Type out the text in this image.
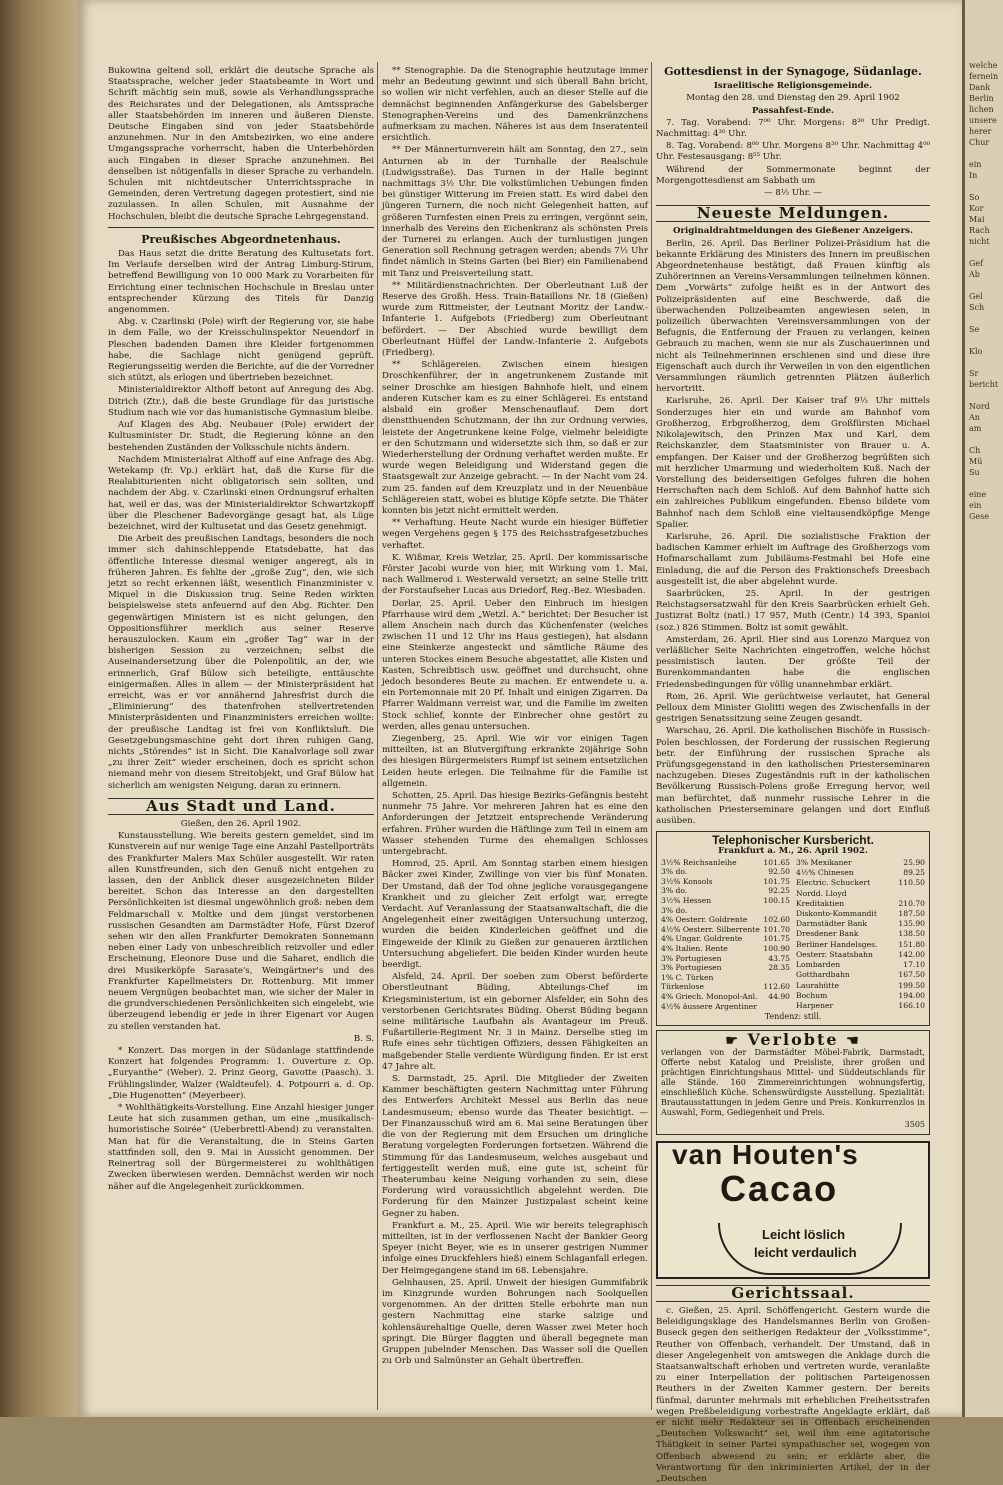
Bukowina geltend soll, erklärt die deutsche Sprache als Staatssprache, welcher jeder Staatsbeamte in Wort und Schrift mächtig sein muß, sowie als Verhandlungssprache des Reichsrates und der Delegationen, als Amtssprache aller Staatsbehörden im inneren und äußeren Dienste. Deutsche Eingaben sind von jeder Staatsbehörde anzunehmen. Nur in den Amtsbezirken, wo eine andere Umgangssprache vorherrscht, haben die Unterbehörden auch Eingaben in dieser Sprache anzunehmen. Bei denselben ist nötigenfalls in dieser Sprache zu verhandeln. Schulen mit nichtdeutscher Unterrichtssprache in Gemeinden, deren Vertretung dagegen protestiert, sind nie zuzulassen. In allen Schulen, mit Ausnahme der Hochschulen, bleibt die deutsche Sprache Lehrgegenstand.

Preußisches Abgeordnetenhaus.

Das Haus setzt die dritte Beratung des Kultusetats fort. Im Verlaufe derselben wird der Antrag Limburg-Stirum, betreffend Bewilligung von 10 000 Mark zu Vorarbeiten für Errichtung einer technischen Hochschule in Breslau unter entsprechender Kürzung des Titels für Danzig angenommen.

Abg. v. Czarlinski (Pole) wirft der Regierung vor, sie habe in dem Falle, wo der Kreisschulinspektor Neuendorf in Pleschen badenden Damen ihre Kleider fortgenommen habe, die Sachlage nicht genügend geprüft. Regierungsseitig werden die Berichte, auf die der Vorredner sich stützt, als erlogen und übertrieben bezeichnet.

Ministerialdirektor Althoff betont auf Anregung des Abg. Ditrich (Ztr.), daß die beste Grundlage für das juristische Studium nach wie vor das humanistische Gymnasium bleibe.

Auf Klagen des Abg. Neubauer (Pole) erwidert der Kultusminister Dr. Studt, die Regierung könne an den bestehenden Zuständen der Volksschule nichts ändern.

Nachdem Ministerialrat Althoff auf eine Anfrage des Abg. Wetekamp (fr. Vp.) erklärt hat, daß die Kurse für die Realabiturienten nicht obligatorisch sein sollten, und nachdem der Abg. v. Czarlinski einen Ordnungsruf erhalten hat, weil er das, was der Ministerialdirektor Schwartzkopff über die Pleschener Badevorgänge gesagt hat, als Lüge bezeichnet, wird der Kultusetat und das Gesetz genehmigt.

Die Arbeit des preußischen Landtags, besonders die noch immer sich dahinschleppende Etatsdebatte, hat das öffentliche Interesse diesmal weniger angeregt, als in früheren Jahren. Es fehlte der „große Zug“, den, wie sich jetzt so recht erkennen läßt, wesentlich Finanzminister v. Miquel in die Diskussion trug. Seine Reden wirkten beispielsweise stets anfeuernd auf den Abg. Richter. Den gegenwärtigen Ministern ist es nicht gelungen, den Oppositionsführer merklich aus seiner Reserve herauszulocken. Kaum ein „großer Tag“ war in der bisherigen Session zu verzeichnen; selbst die Auseinandersetzung über die Polenpolitik, an der, wie erinnerlich, Graf Bülow sich beteiligte, enttäuschte einigermaßen. Alles in allem — der Ministerpräsident hat erreicht, was er vor annähernd Jahresfrist durch die „Eliminierung“ des thatenfrohen stellvertretenden Ministerpräsidenten und Finanzministers erreichen wollte: der preußische Landtag ist frei von Konfliktsluft. Die Gesetzgebungsmaschine geht dort ihren ruhigen Gang, nichts „Störendes“ ist in Sicht. Die Kanalvorlage soll zwar „zu ihrer Zeit“ wieder erscheinen, doch es spricht schon niemand mehr von diesem Streitobjekt, und Graf Bülow hat sicherlich am wenigsten Neigung, daran zu erinnern.

Aus Stadt und Land.

Gießen, den 26. April 1902.

Kunstausstellung. Wie bereits gestern gemeldet, sind im Kunstverein auf nur wenige Tage eine Anzahl Pastellporträts des Frankfurter Malers Max Schüler ausgestellt. Wir raten allen Kunstfreunden, sich den Genuß nicht entgehen zu lassen, den der Anblick dieser ausgezeichneten Bilder bereitet. Schon das Interesse an den dargestellten Persönlichkeiten ist diesmal ungewöhnlich groß: neben dem Feldmarschall v. Moltke und dem jüngst verstorbenen russischen Gesandten am Darmstädter Hofe, Fürst Dzerof sehen wir den allen Frankfurter Demokraten Sonnemann neben einer Lady von unbeschreiblich reizvoller und edler Erscheinung, Eleonore Duse und die Saharet, endlich die drei Musikerköpfe Sarasate's, Weingärtner's und des Frankfurter Kapellmeisters Dr. Rottenburg. Mit immer neuem Vergnügen beobachtet man, wie sicher der Maler in die grundverschiedenen Persönlichkeiten sich eingelebt, wie überzeugend lebendig er jede in ihrer Eigenart vor Augen zu stellen verstanden hat.

B. S.

* Konzert. Das morgen in der Südanlage stattfindende Konzert hat folgendes Programm: 1. Ouverture z. Op. „Euryanthe“ (Weber). 2. Prinz Georg, Gavotte (Paasch). 3. Frühlingslinder, Walzer (Waldteufel). 4. Potpourri a. d. Op. „Die Hugenotten“ (Meyerbeer).

* Wohlthätigkeits-Vorstellung. Eine Anzahl hiesiger junger Leute hat sich zusammen gethan, um eine „musikalisch-humoristische Soirée“ (Ueberbrettl-Abend) zu veranstalten. Man hat für die Veranstaltung, die in Steins Garten stattfinden soll, den 9. Mai in Aussicht genommen. Der Reinertrag soll der Bürgermeisterei zu wohlthätigen Zwecken überwiesen werden. Demnächst werden wir noch näher auf die Angelegenheit zurückkommen.

** Stenographie. Da die Stenographie heutzutage immer mehr an Bedeutung gewinnt und sich überall Bahn bricht, so wollen wir nicht verfehlen, auch an dieser Stelle auf die demnächst beginnenden Anfängerkurse des Gabelsberger Stenographen-Vereins und des Damenkränzchens aufmerksam zu machen. Näheres ist aus dem Inseratenteil ersichtlich.

** Der Männerturnverein hält am Sonntag, den 27., sein Anturnen ab in der Turnhalle der Realschule (Ludwigsstraße). Das Turnen in der Halle beginnt nachmittags 3½ Uhr. Die volkstümlichen Uebungen finden bei günstiger Witterung im Freien statt. Es wird dabei den jüngeren Turnern, die noch nicht Gelegenheit hatten, auf größeren Turnfesten einen Preis zu erringen, vergönnt sein, innerhalb des Vereins den Eichenkranz als schönsten Preis der Turnerei zu erlangen. Auch der turnlustigen jungen Generation soll Rechnung getragen werden; abends 7½ Uhr findet nämlich in Steins Garten (bei Bier) ein Familienabend mit Tanz und Preisverteilung statt.

** Militärdienstnachrichten. Der Oberleutnant Luß der Reserve des Großh. Hess. Train-Bataillons Nr. 18 (Gießen) wurde zum Rittmeister, der Leutnant Moritz der Landw.-Infanterie 1. Aufgebots (Friedberg) zum Oberleutnant befördert. — Der Abschied wurde bewilligt dem Oberleutnant Hüffel der Landw.-Infanterie 2. Aufgebots (Friedberg).

** Schlägereien. Zwischen einem hiesigen Droschkenführer, der in angetrunkenem Zustande mit seiner Droschke am hiesigen Bahnhofe hielt, und einem anderen Kutscher kam es zu einer Schlägerei. Es entstand alsbald ein großer Menschenauflauf. Dem dort dienstthuenden Schutzmann, der ihn zur Ordnung verwies, leistete der Angetrunkene keine Folge, vielmehr beleidigte er den Schutzmann und widersetzte sich ihm, so daß er zur Wiederherstellung der Ordnung verhaftet werden mußte. Er wurde wegen Beleidigung und Widerstand gegen die Staatsgewalt zur Anzeige gebracht. — In der Nacht vom 24. zum 25. fanden auf dem Kreuzplatz und in der Neuenbäue Schlägereien statt, wobei es blutige Köpfe setzte. Die Thäter konnten bis jetzt nicht ermittelt werden.

** Verhaftung. Heute Nacht wurde ein hiesiger Büffetier wegen Vergehens gegen § 175 des Reichsstrafgesetzbuches verhaftet.

K. Wißmar, Kreis Wetzlar, 25. April. Der kommissarische Förster Jacobi wurde von hier, mit Wirkung vom 1. Mai, nach Wallmerod i. Westerwald versetzt; an seine Stelle tritt der Forstaufseher Lucas aus Driedorf, Reg.-Bez. Wiesbaden.

Dorlar, 25. April. Ueber den Einbruch im hiesigen Pfarrhause wird dem „Wetzl. A.“ berichtet: Der Besucher ist allem Anschein nach durch das Küchenfenster (welches zwischen 11 und 12 Uhr ins Haus gestiegen), hat alsdann eine Steinkerze angesteckt und sämtliche Räume des unteren Stockes einem Besuche abgestattet, alle Kisten und Kasten, Schreibtisch usw. geöffnet und durchsucht, ohne jedoch besonderes Beute zu machen. Er entwendete u. a. ein Portemonnaie mit 20 Pf. Inhalt und einigen Zigarren. Da Pfarrer Waldmann verreist war, und die Familie im zweiten Stock schlief, konnte der Einbrecher ohne gestört zu werden, alles genau untersuchen.

Ziegenberg, 25. April. Wie wir vor einigen Tagen mitteilten, ist an Blutvergiftung erkrankte 20jährige Sohn des hiesigen Bürgermeisters Rumpf ist seinem entsetzlichen Leiden heute erlegen. Die Teilnahme für die Familie ist allgemein.

Schotten, 25. April. Das hiesige Bezirks-Gefängnis besteht nunmehr 75 Jahre. Vor mehreren Jahren hat es eine den Anforderungen der Jetztzeit entsprechende Veränderung erfahren. Früher wurden die Häftlinge zum Teil in einem am Wasser stehenden Turme des ehemaligen Schlosses untergebracht.

Homrod, 25. April. Am Sonntag starben einem hiesigen Bäcker zwei Kinder, Zwillinge von vier bis fünf Monaten. Der Umstand, daß der Tod ohne jegliche vorausgegangene Krankheit und zu gleicher Zeit erfolgt war, erregte Verdacht. Auf Veranlassung der Staatsanwaltschaft, die die Angelegenheit einer zweitägigen Untersuchung unterzog, wurden die beiden Kinderleichen geöffnet und die Eingeweide der Klinik zu Gießen zur genaueren ärztlichen Untersuchung abgeliefert. Die beiden Kinder wurden heute beerdigt.

Alsfeld, 24. April. Der soeben zum Oberst beförderte Oberstleutnant Büding, Abteilungs-Chef im Kriegsministerium, ist ein geborner Alsfelder, ein Sohn des verstorbenen Gerichtsrates Büding. Oberst Büding begann seine militärische Laufbahn als Avantageur im Preuß. Fußartillerie-Regiment Nr. 3 in Mainz. Derselbe stieg im Rufe eines sehr tüchtigen Offiziers, dessen Fähigkeiten an maßgebender Stelle verdiente Würdigung finden. Er ist erst 47 Jahre alt.

S. Darmstadt, 25. April. Die Mitglieder der Zweiten Kammer beschäftigten gestern Nachmittag unter Führung des Entwerfers Architekt Messel aus Berlin das neue Landesmuseum; ebenso wurde das Theater besichtigt. — Der Finanzausschuß wird am 6. Mai seine Beratungen über die von der Regierung mit dem Ersuchen um dringliche Beratung vorgelegten Forderungen fortsetzen. Während die Stimmung für das Landesmuseum, welches ausgebaut und fertiggestellt werden muß, eine gute ist, scheint für Theaterumbau keine Neigung vorhanden zu sein, diese Forderung wird voraussichtlich abgelehnt werden. Die Forderung für den Mainzer Justizpalast scheint keine Gegner zu haben.

Frankfurt a. M., 25. April. Wie wir bereits telegraphisch mitteilten, ist in der verflossenen Nacht der Bankier Georg Speyer (nicht Beyer, wie es in unserer gestrigen Nummer infolge eines Druckfehlers hieß) einem Schlaganfall erlegen. Der Heimgegangene stand im 68. Lebensjahre.

Gelnhausen, 25. April. Unweit der hiesigen Gummifabrik im Kinzgrunde wurden Bohrungen nach Soolquellen vorgenommen. An der dritten Stelle erbohrte man nun gestern Nachmittag eine starke salzige und kohlensäurehaltige Quelle, deren Wasser zwei Meter hoch springt. Die Bürger flaggten und überall begegnete man Gruppen jubelnder Menschen. Das Wasser soll die Quellen zu Orb und Salmünster an Gehalt übertreffen.

Gottesdienst in der Synagoge, Südanlage.

Israelitische Religionsgemeinde.

Montag den 28. und Dienstag den 29. April 1902

Passahfest-Ende.

7. Tag. Vorabend: 7⁰⁰ Uhr. Morgens: 8³⁰ Uhr Predigt. Nachmittag: 4³⁰ Uhr.

8. Tag. Vorabend: 8⁰⁰ Uhr. Morgens 8³⁰ Uhr. Nachmittag 4⁰⁰ Uhr. Festesausgang: 8⁵⁵ Uhr.

Während der Sommermonate beginnt der Morgengottesdienst am Sabbath um

— 8½ Uhr. —

Neueste Meldungen.

Originaldrahtmeldungen des Gießener Anzeigers.

Berlin, 26. April. Das Berliner Polizei-Präsidium hat die bekannte Erklärung des Ministers des Innern im preußischen Abgeordnetenhause bestätigt, daß Frauen künftig als Zuhörerinnen an Vereins-Versammlungen teilnehmen können. Dem „Vorwärts“ zufolge heißt es in der Antwort des Polizeipräsidenten auf eine Beschwerde, daß die überwachenden Polizeibeamten angewiesen seien, in polizeilich überwachten Vereinsversammlungen von der Befugnis, die Entfernung der Frauen zu verlangen, keinen Gebrauch zu machen, wenn sie nur als Zuschauerinnen und nicht als Teilnehmerinnen erschienen sind und diese ihre Eigenschaft auch durch ihr Verweilen in von den eigentlichen Versammlungen räumlich getrennten Plätzen äußerlich hervortritt.

Karlsruhe, 26. April. Der Kaiser traf 9½ Uhr mittels Sonderzuges hier ein und wurde am Bahnhof vom Großherzog, Erbgroßherzog, dem Großfürsten Michael Nikolajewitsch, den Prinzen Max und Karl, dem Reichskanzler, dem Staatsminister von Brauer u. A. empfangen. Der Kaiser und der Großherzog begrüßten sich mit herzlicher Umarmung und wiederholtem Kuß. Nach der Vorstellung des beiderseitigen Gefolges fuhren die hohen Herrschaften nach dem Schloß. Auf dem Bahnhof hatte sich ein zahlreiches Publikum eingefunden. Ebenso bildete vom Bahnhof nach dem Schloß eine vieltausendköpfige Menge Spalier.

Karlsruhe, 26. April. Die sozialistische Fraktion der badischen Kammer erhielt im Auftrage des Großherzogs vom Hofmarschallamt zum Jubiläums-Festmahl bei Hofe eine Einladung, die auf die Person des Fraktionschefs Dreesbach ausgestellt ist, die aber abgelehnt wurde.

Saarbrücken, 25. April. In der gestrigen Reichstagsersatzwahl für den Kreis Saarbrücken erhielt Geh. Justizrat Boltz (natl.) 17 957, Muth (Centr.) 14 393, Spanioi (soz.) 826 Stimmen. Boltz ist somit gewählt.

Amsterdam, 26. April. Hier sind aus Lorenzo Marquez von verläßlicher Seite Nachrichten eingetroffen, welche höchst pessimistisch lauten. Der größte Teil der Burenkommandanten habe die englischen Friedensbedingungen für völlig unannehmbar erklärt.

Rom, 26. April. Wie gerüchtweise verlautet, hat General Pelloux dem Minister Giolitti wegen des Zwischenfalls in der gestrigen Senatssitzung seine Zeugen gesandt.

Warschau, 26. April. Die katholischen Bischöfe in Russisch-Polen beschlossen, der Forderung der russischen Regierung betr. der Einführung der russischen Sprache als Prüfungsgegenstand in den katholischen Priesterseminaren nachzugeben. Dieses Zugeständnis ruft in der katholischen Bevölkerung Russisch-Polens große Erregung hervor, weil man befürchtet, daß nunmehr russische Lehrer in die katholischen Priesterseminare gelangen und dort Einfluß ausüben.

Telephonischer Kursbericht.
Frankfurt a. M., 26. April 1902.
3½% Reichsanleihe	101.65
3% do.	92.50
3½% Konsols	101.75
3% do.	92.25
3½% Hessen	100.15
3% do.	
4% Oesterr. Goldrente	102.60
4½% Oesterr. Silberrente	101.70
4% Ungar. Goldrente	101.75
4% Italien. Rente	100.90
3% Portugiesen	43.75
3% Portugiesen	28.35
1% C. Türken	
Türkenlose	112.60
4% Griech. Monopol-Anl.	44.90
4½% äussere Argentiner	
3% Mexikaner	25.90
4½% Chinesen	89.25
Electric. Schuckert	110.50
Nordd. Lloyd	
Kreditaktien	210.70
Diskonto-Kommandit	187.50
Darmstädter Bank	135.90
Dresdener Bank	138.50
Berliner Handelsges.	151.80
Oesterr. Staatsbahn	142.00
Lombarden	17.10
Gotthardbahn	167.50
Laurahütte	199.50
Bochum	194.00
Harpener	166.10
Tendenz: still.
☛ Verlobte ☚

verlangen von der Darmstädter Möbel-Fabrik, Darmstadt, Offerte nebst Katalog und Preisliste, ihrer großen und prächtigen Einrichtungshaus Mittel- und Süddeutschlands für alle Stände. 160 Zimmereinrichtungen wohnungsfertig, einschließlich Küche. Schenswürdigste Ausstellung. Spezialität: Brautausstattungen in jedem Genre und Preis. Konkurrenzlos in Auswahl, Form, Gediegenheit und Preis.

3505

van Houten's
Cacao
Leicht löslich
leicht verdaulich
Gerichtssaal.

c. Gießen, 25. April. Schöffengericht. Gestern wurde die Beleidigungsklage des Handelsmannes Berlin von Großen-Buseck gegen den seitherigen Redakteur der „Volksstimme“, Reuther von Offenbach, verhandelt. Der Umstand, daß in dieser Angelegenheit von amtswegen die Anklage durch die Staatsanwaltschaft erhoben und vertreten wurde, veranlaßte zu einer Interpellation der politischen Parteigenossen Reuthers in der Zweiten Kammer gestern. Der bereits fünfmal, darunter mehrmals mit erheblichen Freiheitsstrafen wegen Preßbeleidigung vorbestrafte Angeklagte erklärt, daß er nicht mehr Redakteur sei in Offenbach erscheinenden „Deutschen Volkswacht“ sei, weil ihm eine agitatorische Thätigkeit in seiner Partei sympathischer sei, wogegen von Offenbach abwesend zu sein; er erklärte aber, die Verantwortung für den inkriminierten Artikel, der in der „Deutschen

welche
fernein
Dank
Berlin
lichen
unsere
herer
Chur

ein
In

So
Kor
Mai
Rach
nicht

Gef
Ab

Gel
Sch

Se

Klo

Sr
bericht

Nord
An
am

Ch
Mü
Su

eine
ein
Gese
